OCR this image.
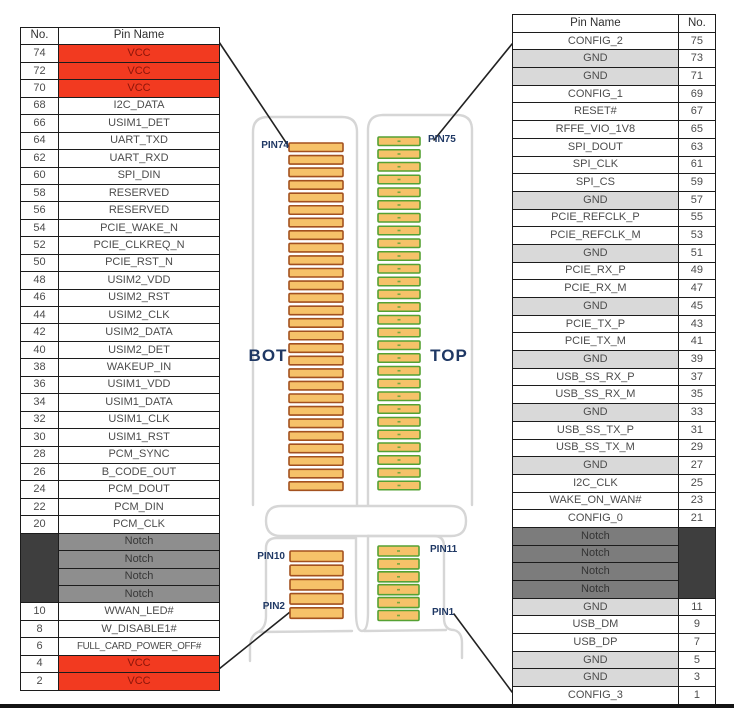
No.	Pin Name
74	VCC
72	VCC
70	VCC
68	I2C_DATA
66	USIM1_DET
64	UART_TXD
62	UART_RXD
60	SPI_DIN
58	RESERVED
56	RESERVED
54	PCIE_WAKE_N
52	PCIE_CLKREQ_N
50	PCIE_RST_N
48	USIM2_VDD
46	USIM2_RST
44	USIM2_CLK
42	USIM2_DATA
40	USIM2_DET
38	WAKEUP_IN
36	USIM1_VDD
34	USIM1_DATA
32	USIM1_CLK
30	USIM1_RST
28	PCM_SYNC
26	B_CODE_OUT
24	PCM_DOUT
22	PCM_DIN
20	PCM_CLK
	Notch
	Notch
	Notch
	Notch
10	WWAN_LED#
8	W_DISABLE1#
6	FULL_CARD_POWER_OFF#
4	VCC
2	VCC
Pin Name	No.
CONFIG_2	75
GND	73
GND	71
CONFIG_1	69
RESET#	67
RFFE_VIO_1V8	65
SPI_DOUT	63
SPI_CLK	61
SPI_CS	59
GND	57
PCIE_REFCLK_P	55
PCIE_REFCLK_M	53
GND	51
PCIE_RX_P	49
PCIE_RX_M	47
GND	45
PCIE_TX_P	43
PCIE_TX_M	41
GND	39
USB_SS_RX_P	37
USB_SS_RX_M	35
GND	33
USB_SS_TX_P	31
USB_SS_TX_M	29
GND	27
I2C_CLK	25
WAKE_ON_WAN#	23
CONFIG_0	21
Notch	
Notch	
Notch	
Notch	
GND	11
USB_DM	9
USB_DP	7
GND	5
GND	3
CONFIG_3	1
PIN74
PIN75
PIN10
PIN2
PIN11
PIN1
BOT	TOP
